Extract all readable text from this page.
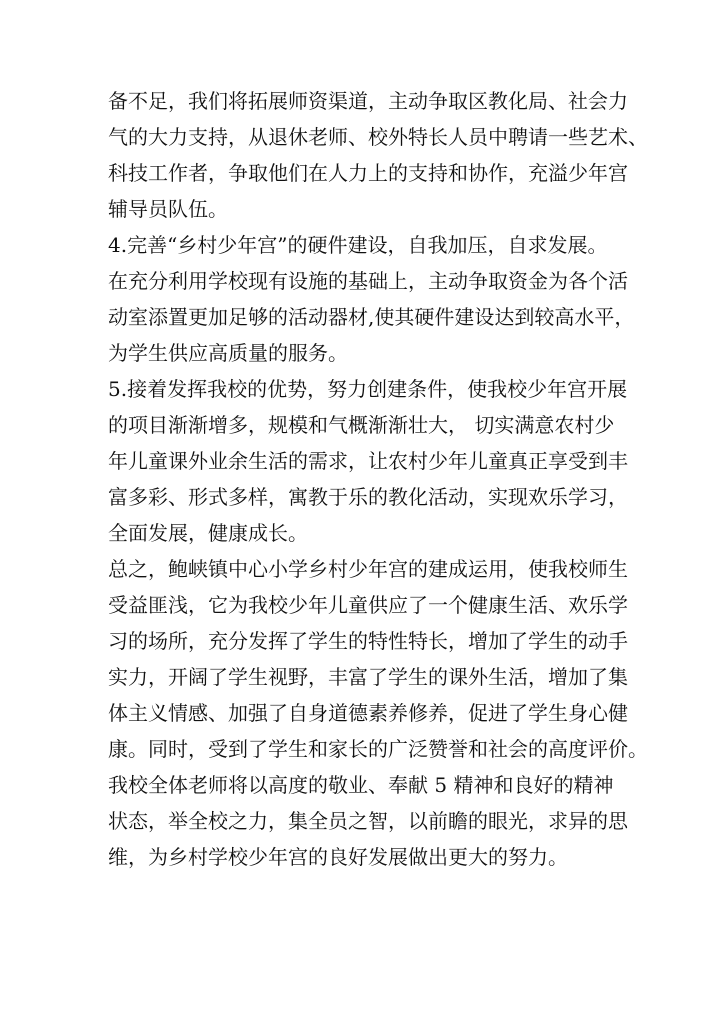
备不足，我们将拓展师资渠道，主动争取区教化局、社会力
气的大力支持，从退休老师、校外特长人员中聘请一些艺术、
科技工作者，争取他们在人力上的支持和协作，充溢少年宫
辅导员队伍。
4.完善“乡村少年宫”的硬件建设，自我加压，自求发展。
在充分利用学校现有设施的基础上，主动争取资金为各个活
动室添置更加足够的活动器材,使其硬件建设达到较高水平，
为学生供应高质量的服务。
5.接着发挥我校的优势，努力创建条件，使我校少年宫开展
的项目渐渐增多，规模和气概渐渐壮大， 切实满意农村少
年儿童课外业余生活的需求，让农村少年儿童真正享受到丰
富多彩、形式多样，寓教于乐的教化活动，实现欢乐学习，
全面发展，健康成长。
总之，鲍峡镇中心小学乡村少年宫的建成运用，使我校师生
受益匪浅，它为我校少年儿童供应了一个健康生活、欢乐学
习的场所，充分发挥了学生的特性特长，增加了学生的动手
实力，开阔了学生视野，丰富了学生的课外生活，增加了集
体主义情感、加强了自身道德素养修养，促进了学生身心健
康。同时，受到了学生和家长的广泛赞誉和社会的高度评价。
我校全体老师将以高度的敬业、奉献 5 精神和良好的精神
状态，举全校之力，集全员之智，以前瞻的眼光，求异的思
维，为乡村学校少年宫的良好发展做出更大的努力。
